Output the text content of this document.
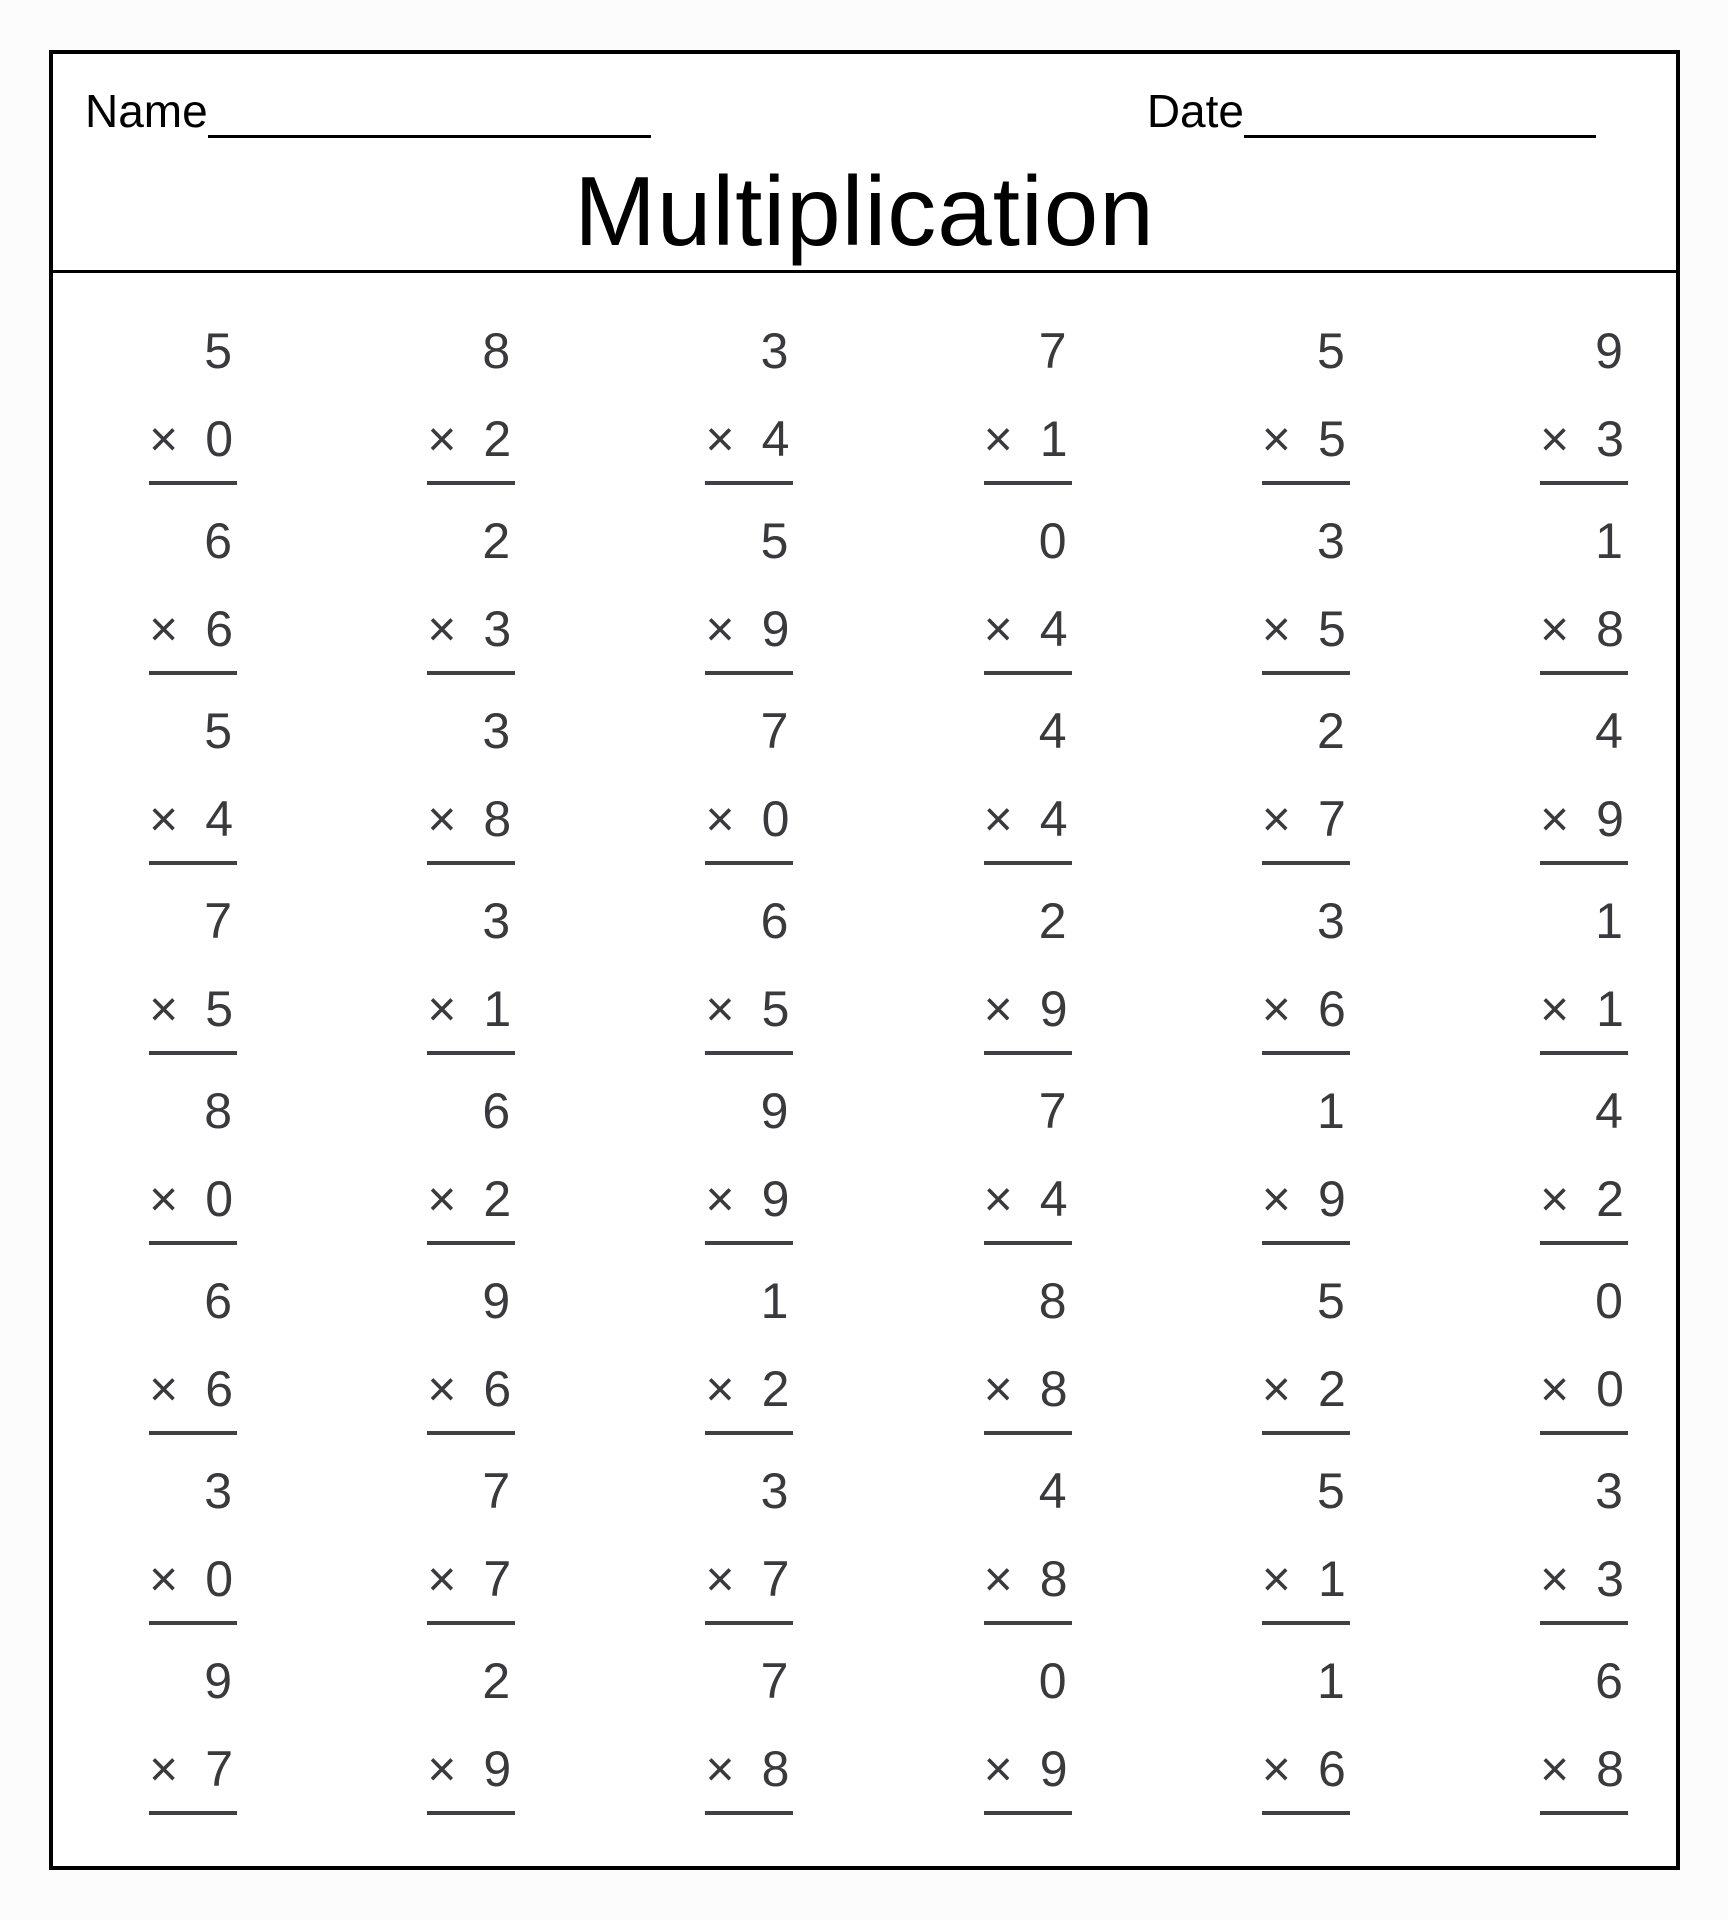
Name	Date
Multiplication
5
× 0
8
× 2
3
× 4
7
× 1
5
× 5
9
× 3
6
× 6
2
× 3
5
× 9
0
× 4
3
× 5
1
× 8
5
× 4
3
× 8
7
× 0
4
× 4
2
× 7
4
× 9
7
× 5
3
× 1
6
× 5
2
× 9
3
× 6
1
× 1
8
× 0
6
× 2
9
× 9
7
× 4
1
× 9
4
× 2
6
× 6
9
× 6
1
× 2
8
× 8
5
× 2
0
× 0
3
× 0
7
× 7
3
× 7
4
× 8
5
× 1
3
× 3
9
× 7
2
× 9
7
× 8
0
× 9
1
× 6
6
× 8
